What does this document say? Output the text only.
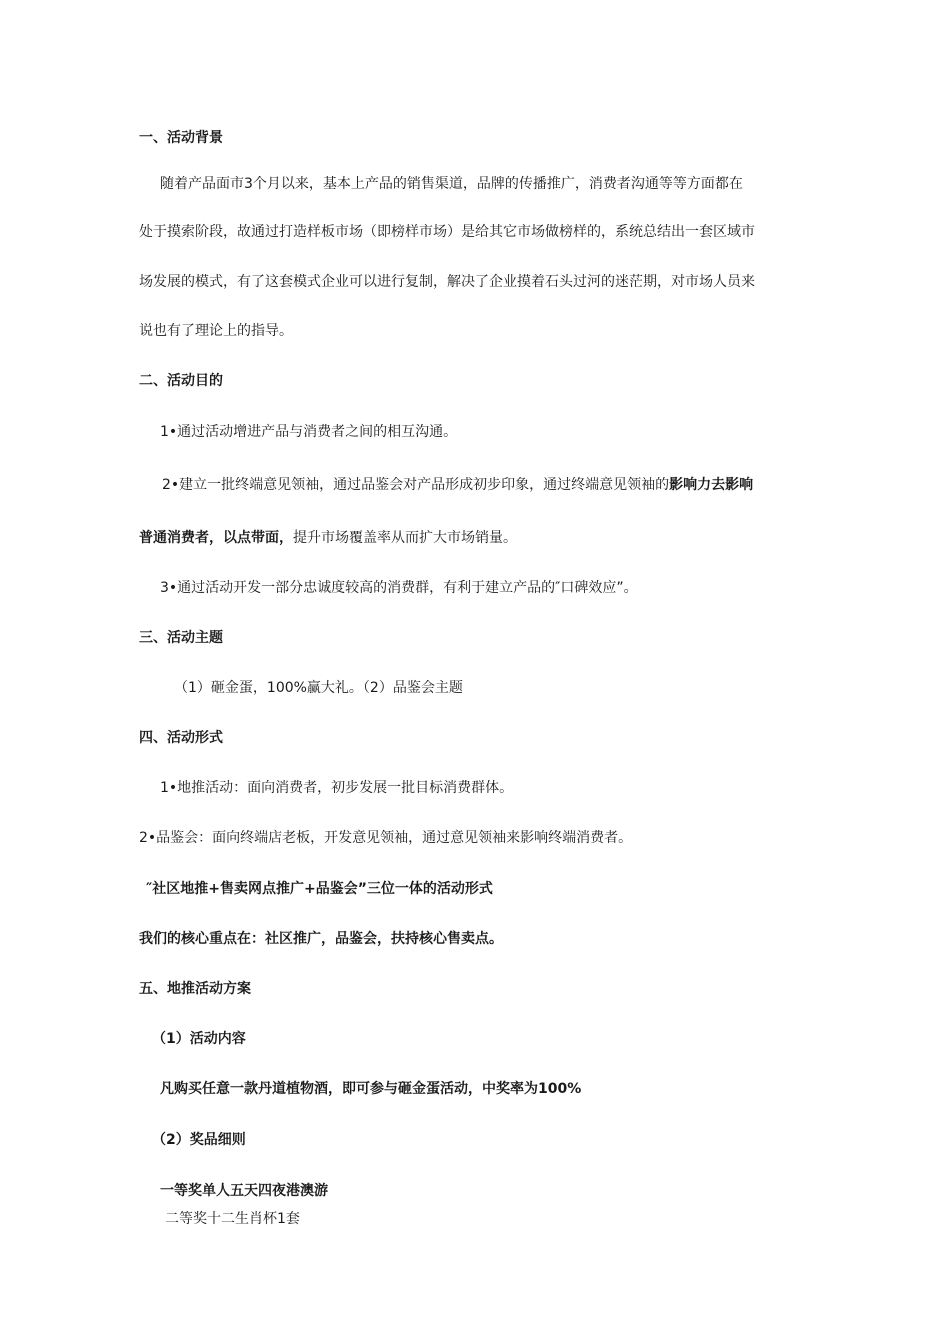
一、活动背景
随着产品面市3个月以来，基本上产品的销售渠道，品牌的传播推广，消费者沟通等等方面都在
处于摸索阶段，故通过打造样板市场（即榜样市场）是给其它市场做榜样的，系统总结出一套区域市
场发展的模式，有了这套模式企业可以进行复制，解决了企业摸着石头过河的迷茫期，对市场人员来
说也有了理论上的指导。
二、活动目的
1•通过活动增进产品与消费者之间的相互沟通。
2•建立一批终端意见领袖，通过品鉴会对产品形成初步印象，通过终端意见领袖的影响力去影响
普通消费者，以点带面，提升市场覆盖率从而扩大市场销量。
3•通过活动开发一部分忠诚度较高的消费群，有利于建立产品的″口碑效应”。
三、活动主题
（1）砸金蛋，100%赢大礼。（2）品鉴会主题
四、活动形式
1•地推活动：面向消费者，初步发展一批目标消费群体。
2•品鉴会：面向终端店老板，开发意见领袖，通过意见领袖来影响终端消费者。
″社区地推+售卖网点推广+品鉴会”三位一体的活动形式
我们的核心重点在：社区推广，品鉴会，扶持核心售卖点。
五、地推活动方案
（1）活动内容
凡购买任意一款丹道植物酒，即可参与砸金蛋活动，中奖率为100%
（2）奖品细则
一等奖单人五天四夜港澳游
二等奖十二生肖杯1套
